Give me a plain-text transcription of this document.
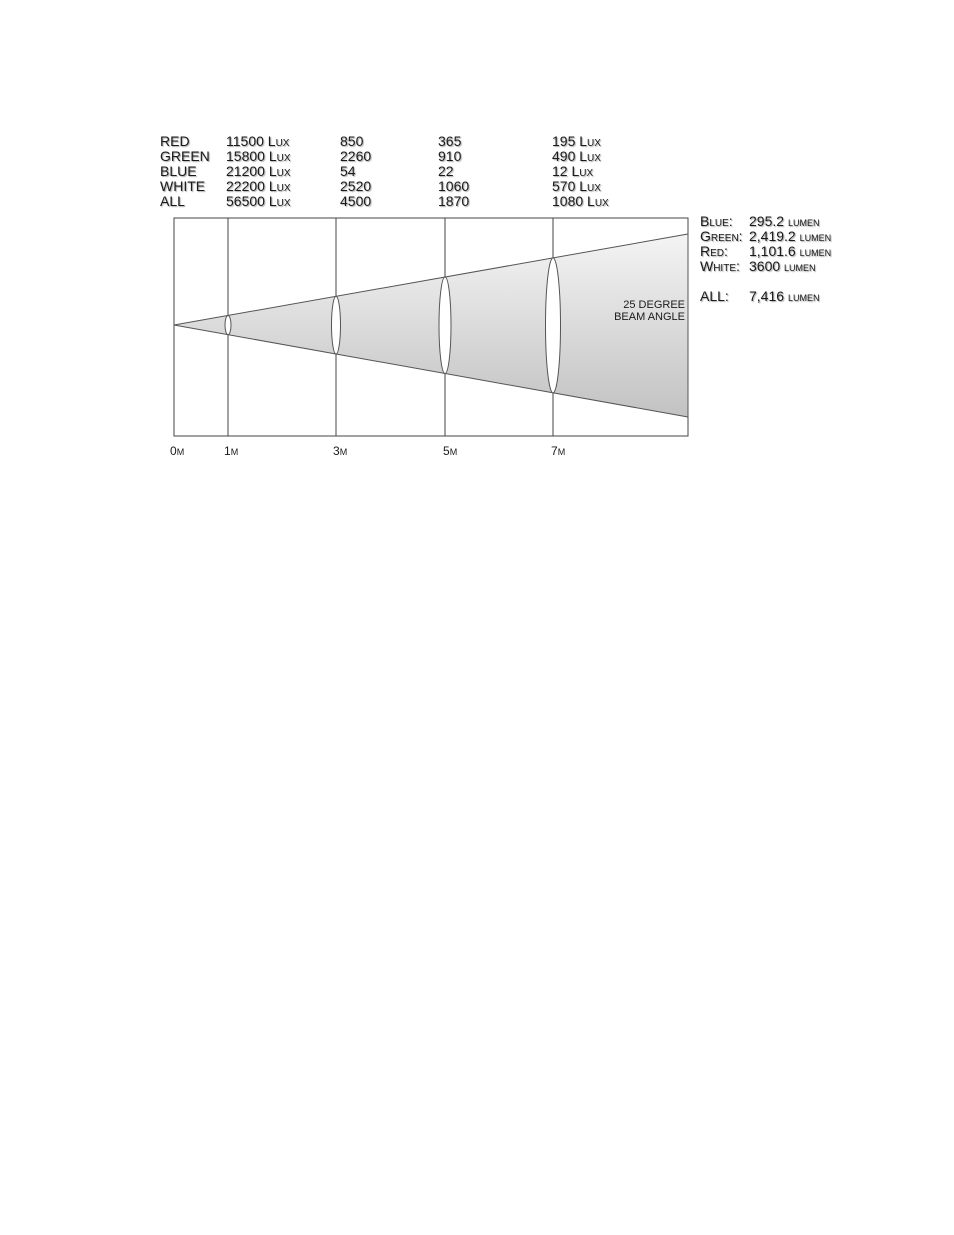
RED	11500 Lux	850	365	195 Lux
GREEN 15800 Lux	2260	910	490 Lux
BLUE 21200 Lux	54	22	12 Lux
WHITE 22200 Lux	2520	1060	570 Lux
ALL	56500 Lux	4500	1870	1080 Lux
Blue: 295.2 lumen
Green: 2,419.2 lumen
Red: 1,101.6 lumen
White: 3600 lumen
ALL: 7,416 lumen
25 DEGREE
BEAM ANGLE
0M	1M	3M	5M	7M
